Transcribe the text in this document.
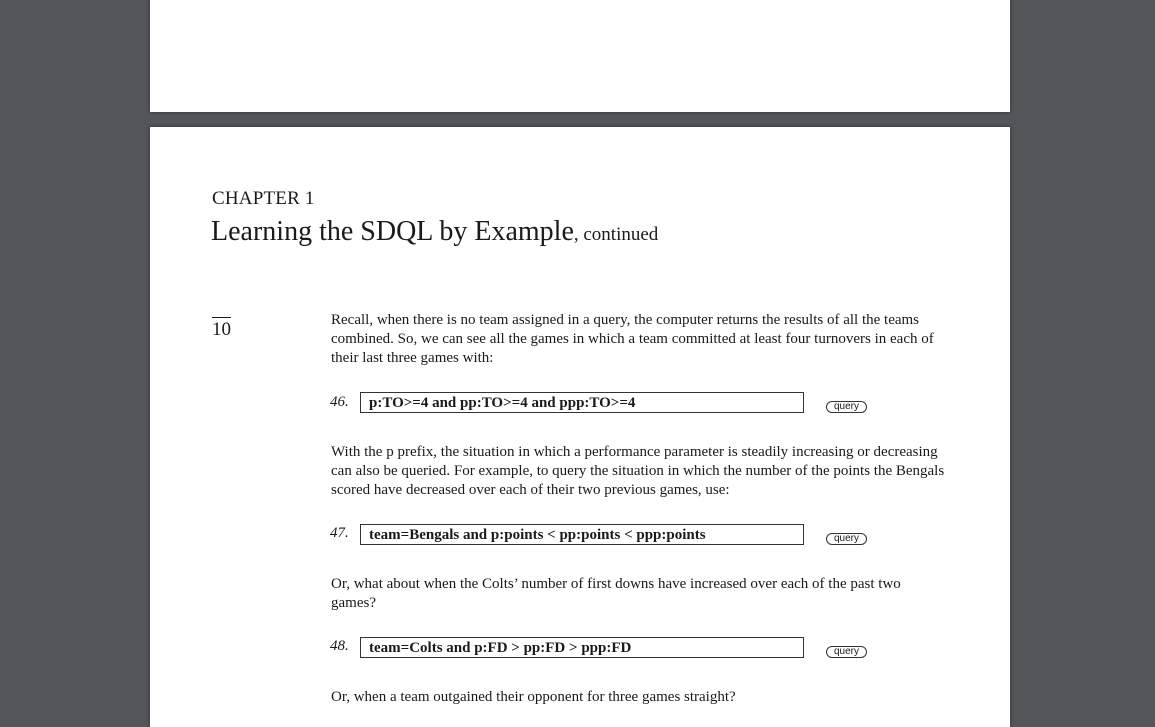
CHAPTER 1
Learning the SDQL by Example, continued
10	Recall, when there is no team assigned in a query, the computer returns the results of all the teams combined. So, we can see all the games in which a team committed at least four turnovers in each of their last three games with:
46.	p:TO>=4 and pp:TO>=4 and ppp:TO>=4	query
With the p prefix, the situation in which a performance parameter is steadily increasing or decreasing can also be queried. For example, to query the situation in which the number of the points the Bengals scored have decreased over each of their two previous games, use:
47.	team=Bengals and p:points < pp:points < ppp:points	query
Or, what about when the Colts’ number of first downs have increased over each of the past two games?
48.	team=Colts and p:FD > pp:FD > ppp:FD	query
Or, when a team outgained their opponent for three games straight?
